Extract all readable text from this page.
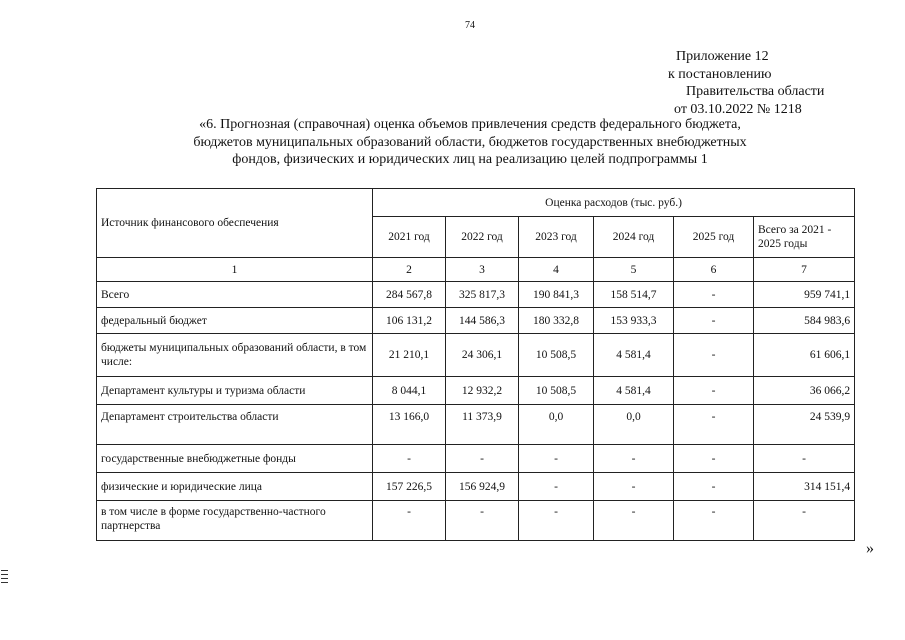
74
Приложение 12
к постановлению
Правительства области
от 03.10.2022 № 1218
«6. Прогнозная (справочная) оценка объемов привлечения средств федерального бюджета,
бюджетов муниципальных образований области, бюджетов государственных внебюджетных
фондов, физических и юридических лиц на реализацию целей подпрограммы 1
Источник финансового обеспечения	Оценка расходов (тыс. руб.)					
	2021 год	2022 год	2023 год	2024 год	2025 год	Всего за 2021 - 2025 годы
1	2	3	4	5	6	7
Всего	284 567,8	325 817,3	190 841,3	158 514,7	-	959 741,1
федеральный бюджет	106 131,2	144 586,3	180 332,8	153 933,3	-	584 983,6
бюджеты муниципальных образований области, в том числе:	21 210,1	24 306,1	10 508,5	4 581,4	-	61 606,1
Департамент культуры и туризма области	8 044,1	12 932,2	10 508,5	4 581,4	-	36 066,2
Департамент строительства области	13 166,0	11 373,9	0,0	0,0	-	24 539,9
государственные внебюджетные фонды	-	-	-	-	-	-
физические и юридические лица	157 226,5	156 924,9	-	-	-	314 151,4
в том числе в форме государственно-частного партнерства	-	-	-	-	-	-
»
